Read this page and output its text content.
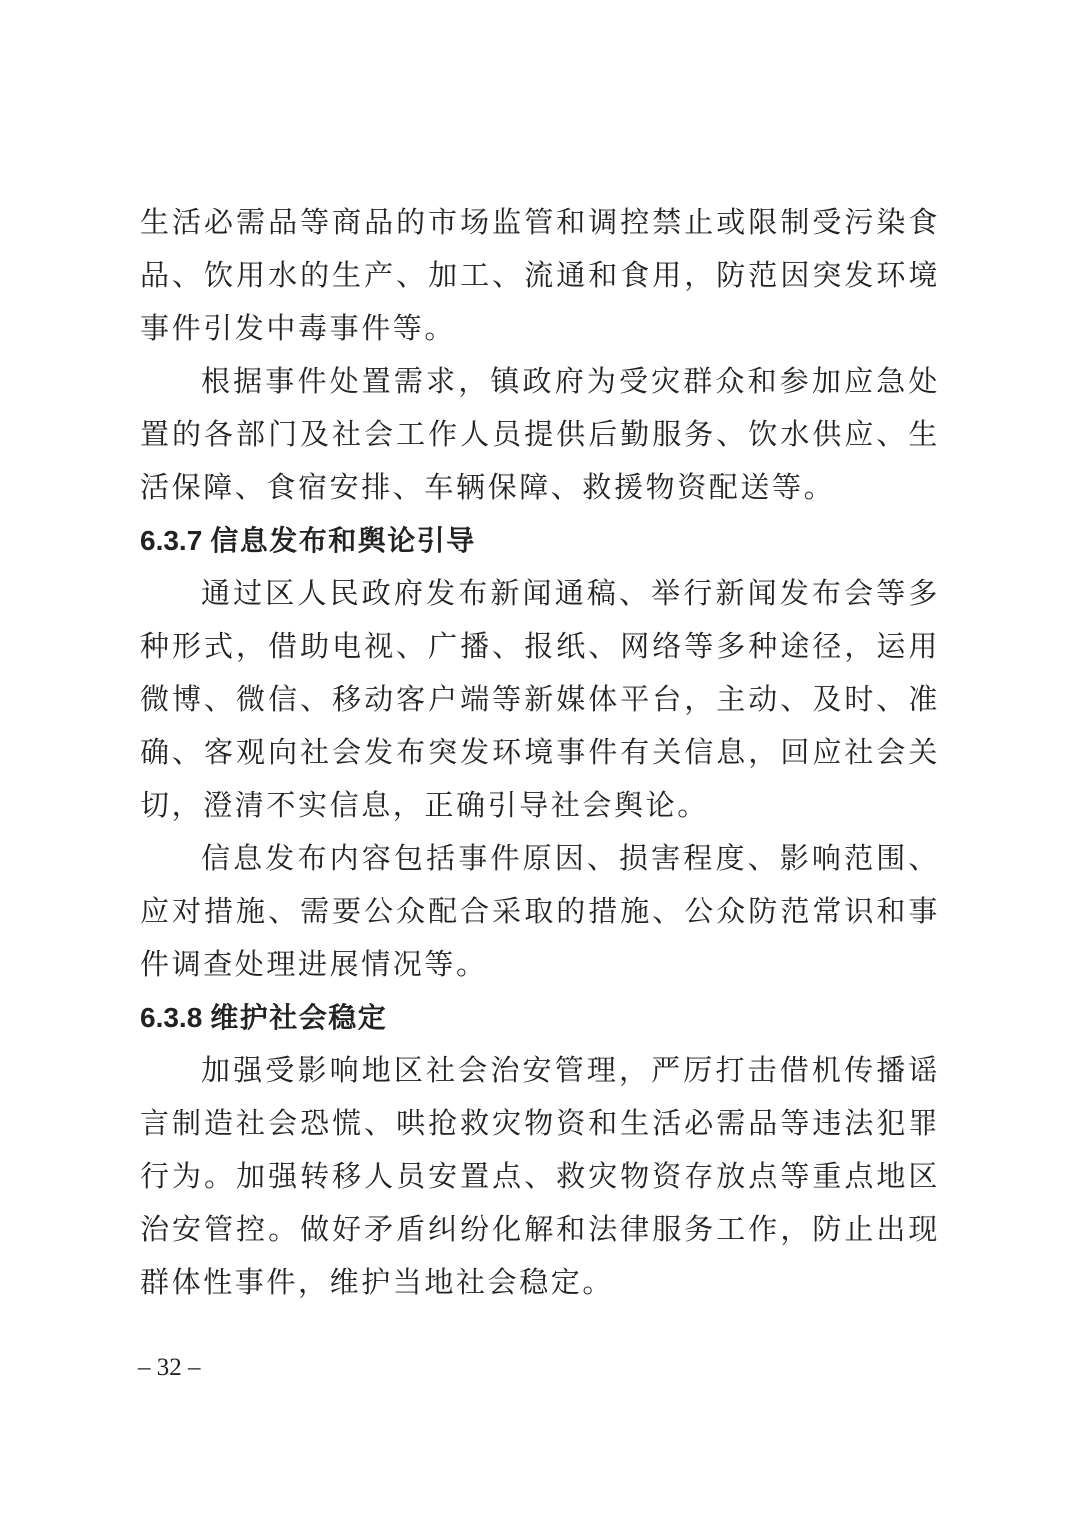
生活必需品等商品的市场监管和调控禁止或限制受污染食品、饮用水的生产、加工、流通和食用，防范因突发环境事件引发中毒事件等。

根据事件处置需求，镇政府为受灾群众和参加应急处置的各部门及社会工作人员提供后勤服务、饮水供应、生活保障、食宿安排、车辆保障、救援物资配送等。

6.3.7 信息发布和舆论引导

通过区人民政府发布新闻通稿、举行新闻发布会等多种形式，借助电视、广播、报纸、网络等多种途径，运用微博、微信、移动客户端等新媒体平台，主动、及时、准确、客观向社会发布突发环境事件有关信息，回应社会关切，澄清不实信息，正确引导社会舆论。

信息发布内容包括事件原因、损害程度、影响范围、应对措施、需要公众配合采取的措施、公众防范常识和事件调查处理进展情况等。

6.3.8 维护社会稳定

加强受影响地区社会治安管理，严厉打击借机传播谣言制造社会恐慌、哄抢救灾物资和生活必需品等违法犯罪行为。加强转移人员安置点、救灾物资存放点等重点地区治安管控。做好矛盾纠纷化解和法律服务工作，防止出现群体性事件，维护当地社会稳定。

– 32 –
